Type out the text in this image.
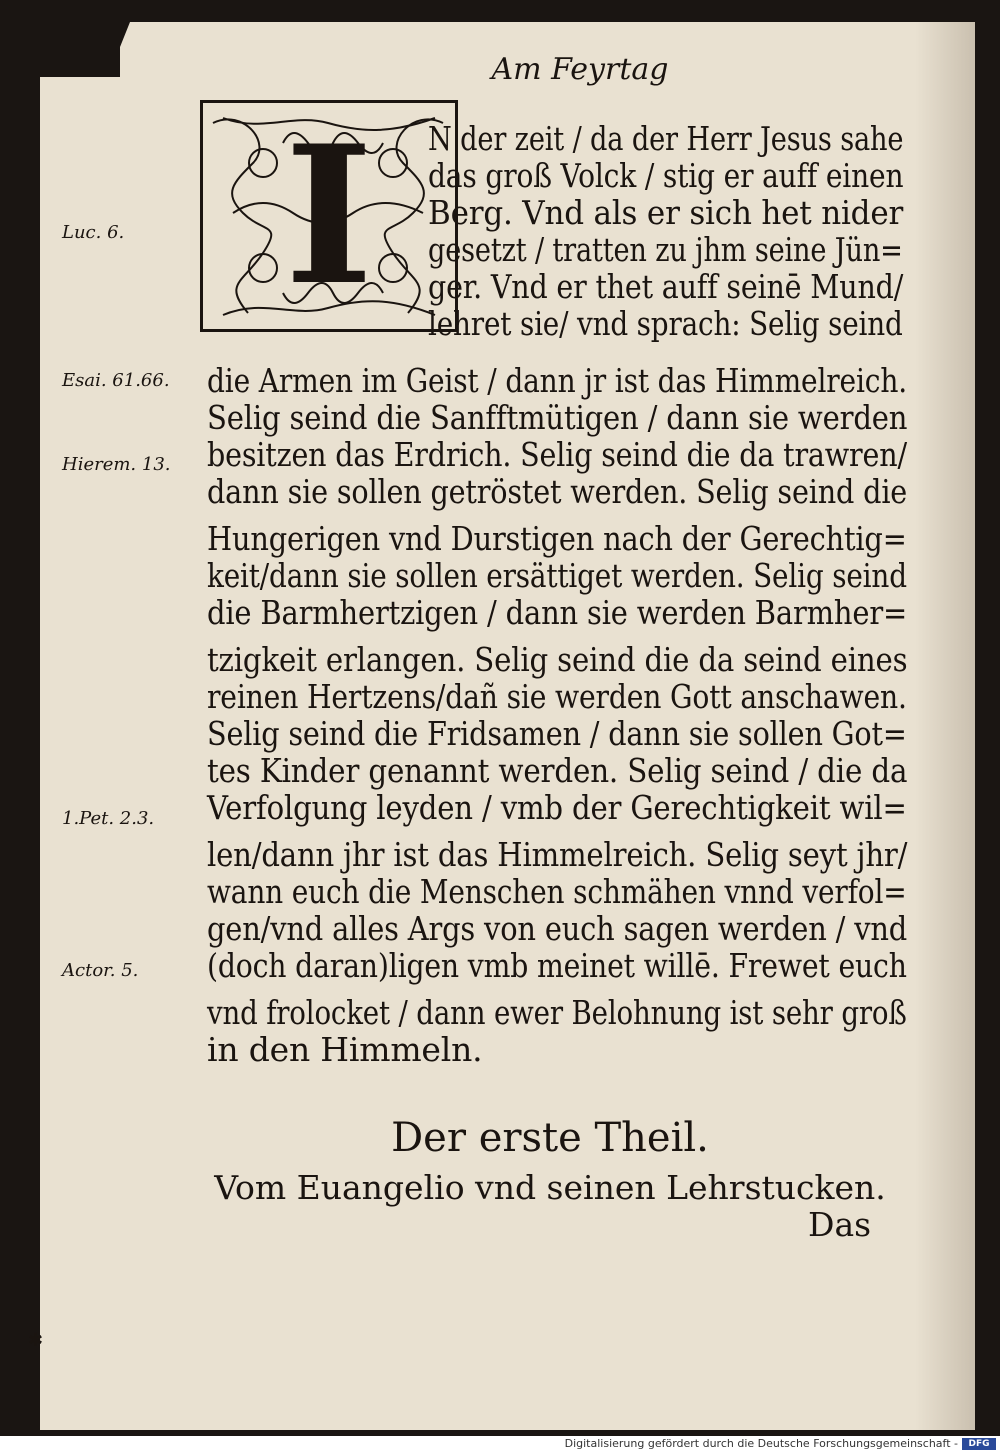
Am Feyrtag
I N der zeit / da der Herr Jesus sahe
das groß Volck / stig er auff einen
Berg. Vnd als er sich het nider
gesetzt / tratten zu jhm seine Jün=
ger. Vnd er thet auff seinē Mund/
lehret sie/ vnd sprach: Selig seind
die Armen im Geist / dann jr ist das Himmelreich.
Selig seind die Sanfftmütigen / dann sie werden
besitzen das Erdrich. Selig seind die da trawren/
dann sie sollen getröstet werden. Selig seind die
Hungerigen vnd Durstigen nach der Gerechtig=
keit/dann sie sollen ersättiget werden. Selig seind
die Barmhertzigen / dann sie werden Barmher=
tzigkeit erlangen. Selig seind die da seind eines
reinen Hertzens/dañ sie werden Gott anschawen.
Selig seind die Fridsamen / dann sie sollen Got=
tes Kinder genannt werden. Selig seind / die da
Verfolgung leyden / vmb der Gerechtigkeit wil=
len/dann jhr ist das Himmelreich. Selig seyt jhr/
wann euch die Menschen schmähen vnnd verfol=
gen/vnd alles Args von euch sagen werden / vnd
(doch daran)ligen vmb meinet willē. Frewet euch
vnd frolocket / dann ewer Belohnung ist sehr groß
in den Himmeln.
Luc. 6.
Esai. 61.66.
Hierem. 13.
1.Pet. 2.3.
Actor. 5.
Der erste Theil.
Vom Euangelio vnd seinen Lehrstucken.
Das
✱
Digitalisierung gefördert durch die Deutsche Forschungsgemeinschaft -	DFG
